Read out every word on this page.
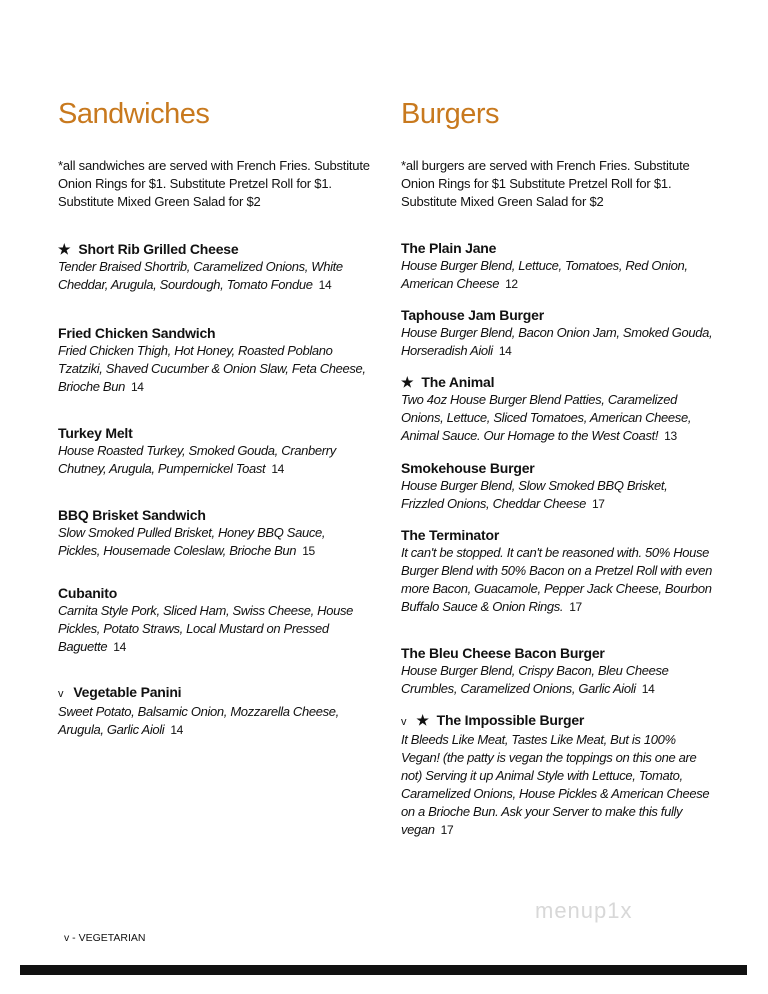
Sandwiches
*all sandwiches are served with French Fries. Substitute Onion Rings for $1. Substitute Pretzel Roll for $1. Substitute Mixed Green Salad for $2
★ Short Rib Grilled Cheese
Tender Braised Shortrib, Caramelized Onions, White Cheddar, Arugula, Sourdough, Tomato Fondue 14
Fried Chicken Sandwich
Fried Chicken Thigh, Hot Honey, Roasted Poblano Tzatziki, Shaved Cucumber & Onion Slaw, Feta Cheese, Brioche Bun 14
Turkey Melt
House Roasted Turkey, Smoked Gouda, Cranberry Chutney, Arugula, Pumpernickel Toast 14
BBQ Brisket Sandwich
Slow Smoked Pulled Brisket, Honey BBQ Sauce, Pickles, Housemade Coleslaw, Brioche Bun 15
Cubanito
Carnita Style Pork, Sliced Ham, Swiss Cheese, House Pickles, Potato Straws, Local Mustard on Pressed Baguette 14
v Vegetable Panini
Sweet Potato, Balsamic Onion, Mozzarella Cheese, Arugula, Garlic Aioli 14
Burgers
*all burgers are served with French Fries. Substitute Onion Rings for $1 Substitute Pretzel Roll for $1. Substitute Mixed Green Salad for $2
The Plain Jane
House Burger Blend, Lettuce, Tomatoes, Red Onion, American Cheese 12
Taphouse Jam Burger
House Burger Blend, Bacon Onion Jam, Smoked Gouda, Horseradish Aioli 14
★ The Animal
Two 4oz House Burger Blend Patties, Caramelized Onions, Lettuce, Sliced Tomatoes, American Cheese, Animal Sauce. Our Homage to the West Coast! 13
Smokehouse Burger
House Burger Blend, Slow Smoked BBQ Brisket, Frizzled Onions, Cheddar Cheese 17
The Terminator
It can't be stopped. It can't be reasoned with. 50% House Burger Blend with 50% Bacon on a Pretzel Roll with even more Bacon, Guacamole, Pepper Jack Cheese, Bourbon Buffalo Sauce & Onion Rings. 17
The Bleu Cheese Bacon Burger
House Burger Blend, Crispy Bacon, Bleu Cheese Crumbles, Caramelized Onions, Garlic Aioli 14
v ★ The Impossible Burger
It Bleeds Like Meat, Tastes Like Meat, But is 100% Vegan! (the patty is vegan the toppings on this one are not) Serving it up Animal Style with Lettuce, Tomato, Caramelized Onions, House Pickles & American Cheese on a Brioche Bun. Ask your Server to make this fully vegan 17
v - VEGETARIAN
menup1x
